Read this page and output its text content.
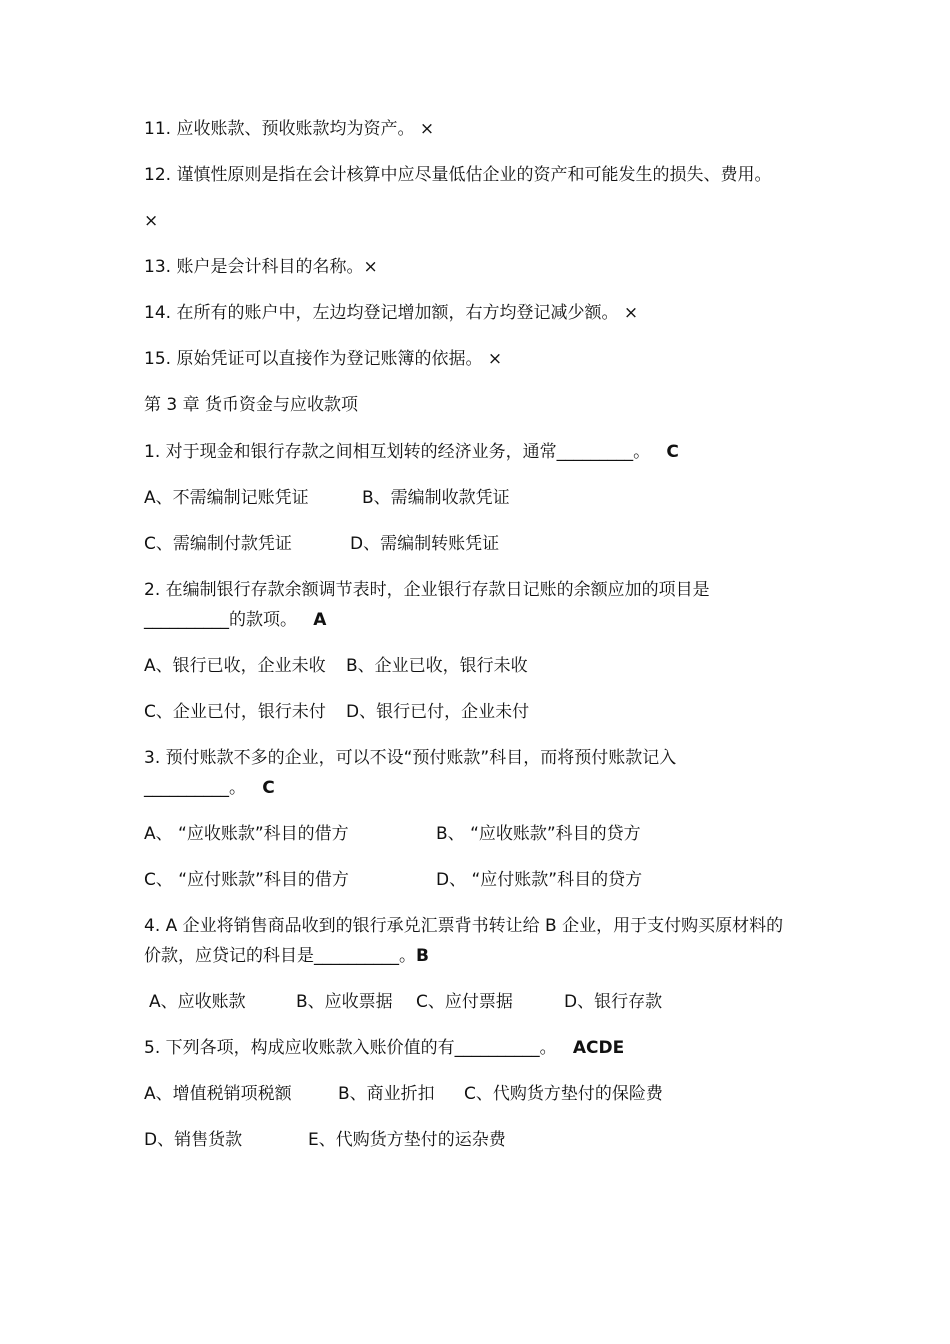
11. 应收账款、预收账款均为资产。 ×
12. 谨慎性原则是指在会计核算中应尽量低估企业的资产和可能发生的损失、费用。
×
13. 账户是会计科目的名称。×
14. 在所有的账户中，左边均登记增加额，右方均登记减少额。 ×
15. 原始凭证可以直接作为登记账簿的依据。 ×
第 3 章 货币资金与应收款项
1. 对于现金和银行存款之间相互划转的经济业务，通常_________。 C
A、不需编制记账凭证	B、需编制收款凭证
C、需编制付款凭证	D、需编制转账凭证
2. 在编制银行存款余额调节表时，企业银行存款日记账的余额应加的项目是
__________的款项。 A
A、银行已收，企业未收 B、企业已收，银行未收
C、企业已付，银行未付 D、银行已付，企业未付
3. 预付账款不多的企业，可以不设“预付账款”科目，而将预付账款记入
__________。 C
A、 “应收账款”科目的借方	B、 “应收账款”科目的贷方
C、 “应付账款”科目的借方	D、 “应付账款”科目的贷方
4. A 企业将销售商品收到的银行承兑汇票背书转让给 B 企业，用于支付购买原材料的
价款，应贷记的科目是__________。B
A、应收账款	B、应收票据 C、应付票据	D、银行存款
5. 下列各项，构成应收账款入账价值的有__________。 ACDE
A、增值税销项税额	B、商业折扣 C、代购货方垫付的保险费
D、销售货款	E、代购货方垫付的运杂费
